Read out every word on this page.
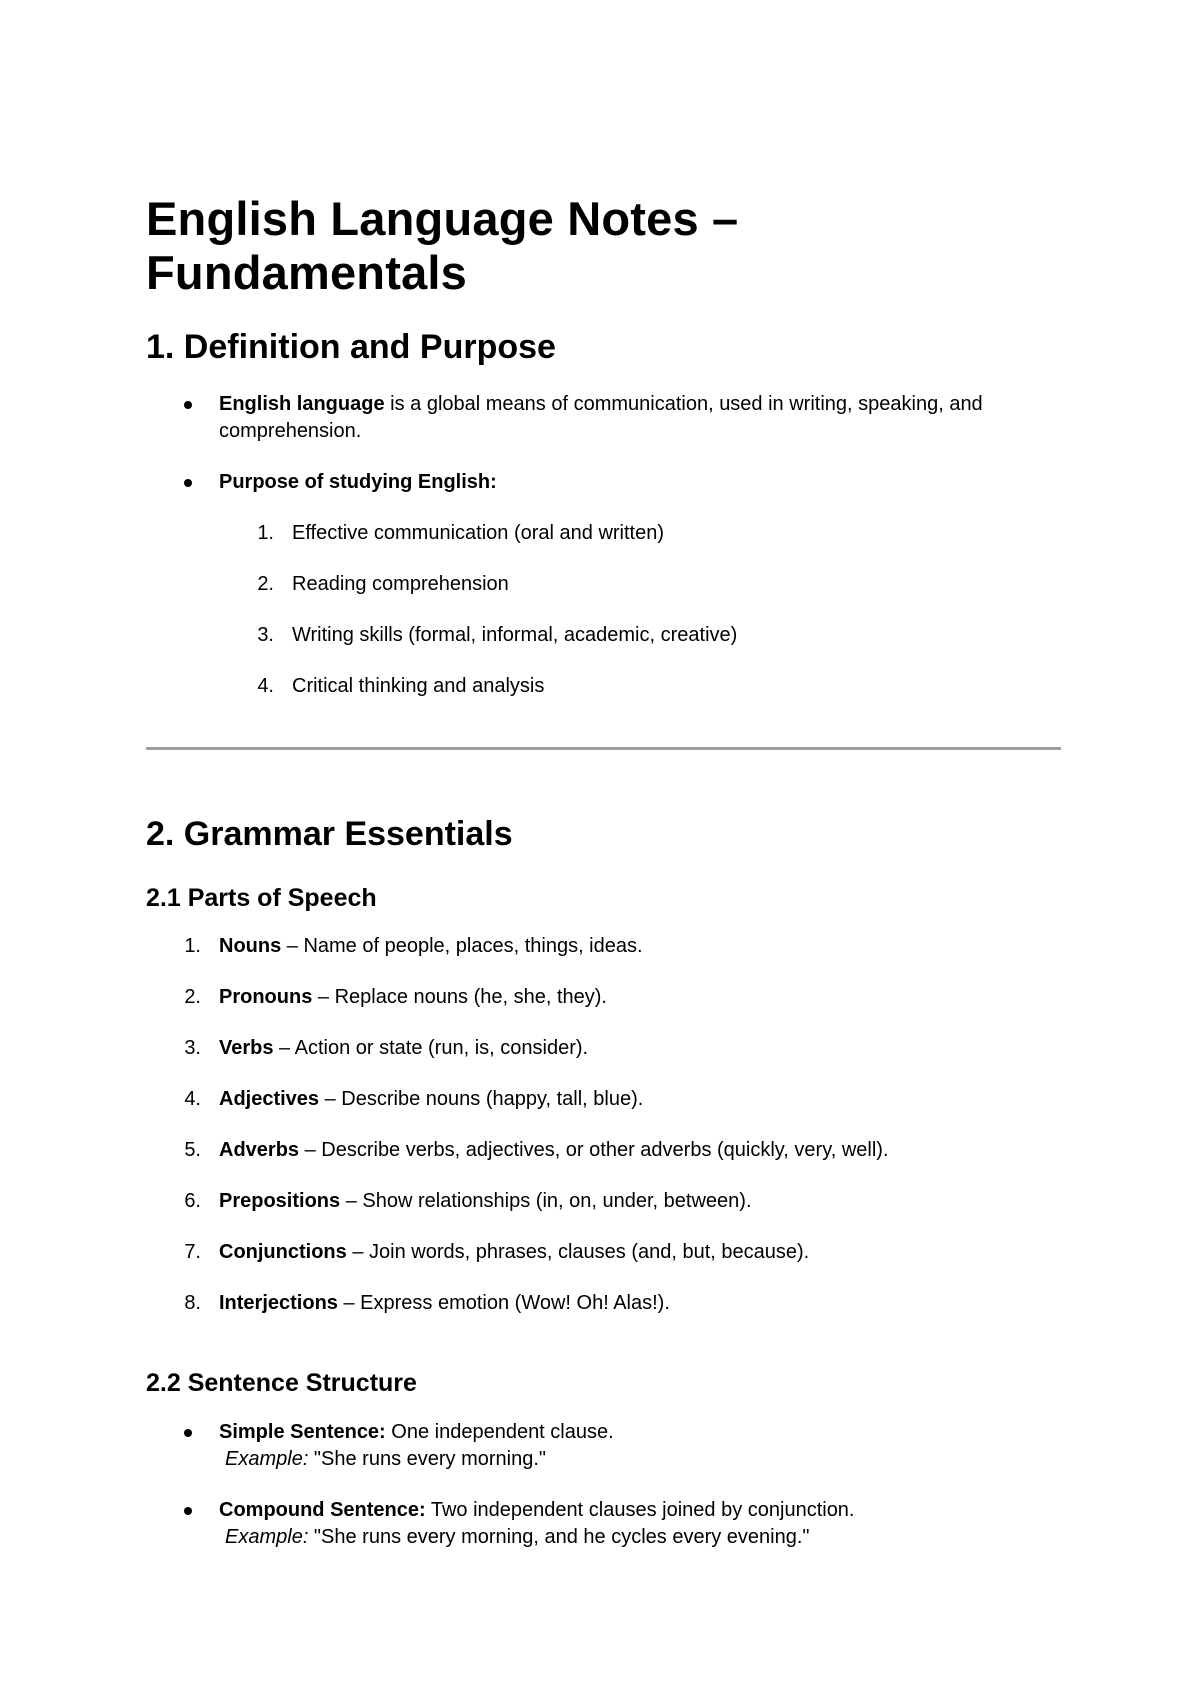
English Language Notes – Fundamentals
1. Definition and Purpose
English language is a global means of communication, used in writing, speaking, and comprehension.
Purpose of studying English:
1. Effective communication (oral and written)
2. Reading comprehension
3. Writing skills (formal, informal, academic, creative)
4. Critical thinking and analysis
2. Grammar Essentials
2.1 Parts of Speech
1. Nouns – Name of people, places, things, ideas.
2. Pronouns – Replace nouns (he, she, they).
3. Verbs – Action or state (run, is, consider).
4. Adjectives – Describe nouns (happy, tall, blue).
5. Adverbs – Describe verbs, adjectives, or other adverbs (quickly, very, well).
6. Prepositions – Show relationships (in, on, under, between).
7. Conjunctions – Join words, phrases, clauses (and, but, because).
8. Interjections – Express emotion (Wow! Oh! Alas!).
2.2 Sentence Structure
Simple Sentence: One independent clause.
Example: "She runs every morning."
Compound Sentence: Two independent clauses joined by conjunction.
Example: "She runs every morning, and he cycles every evening."
